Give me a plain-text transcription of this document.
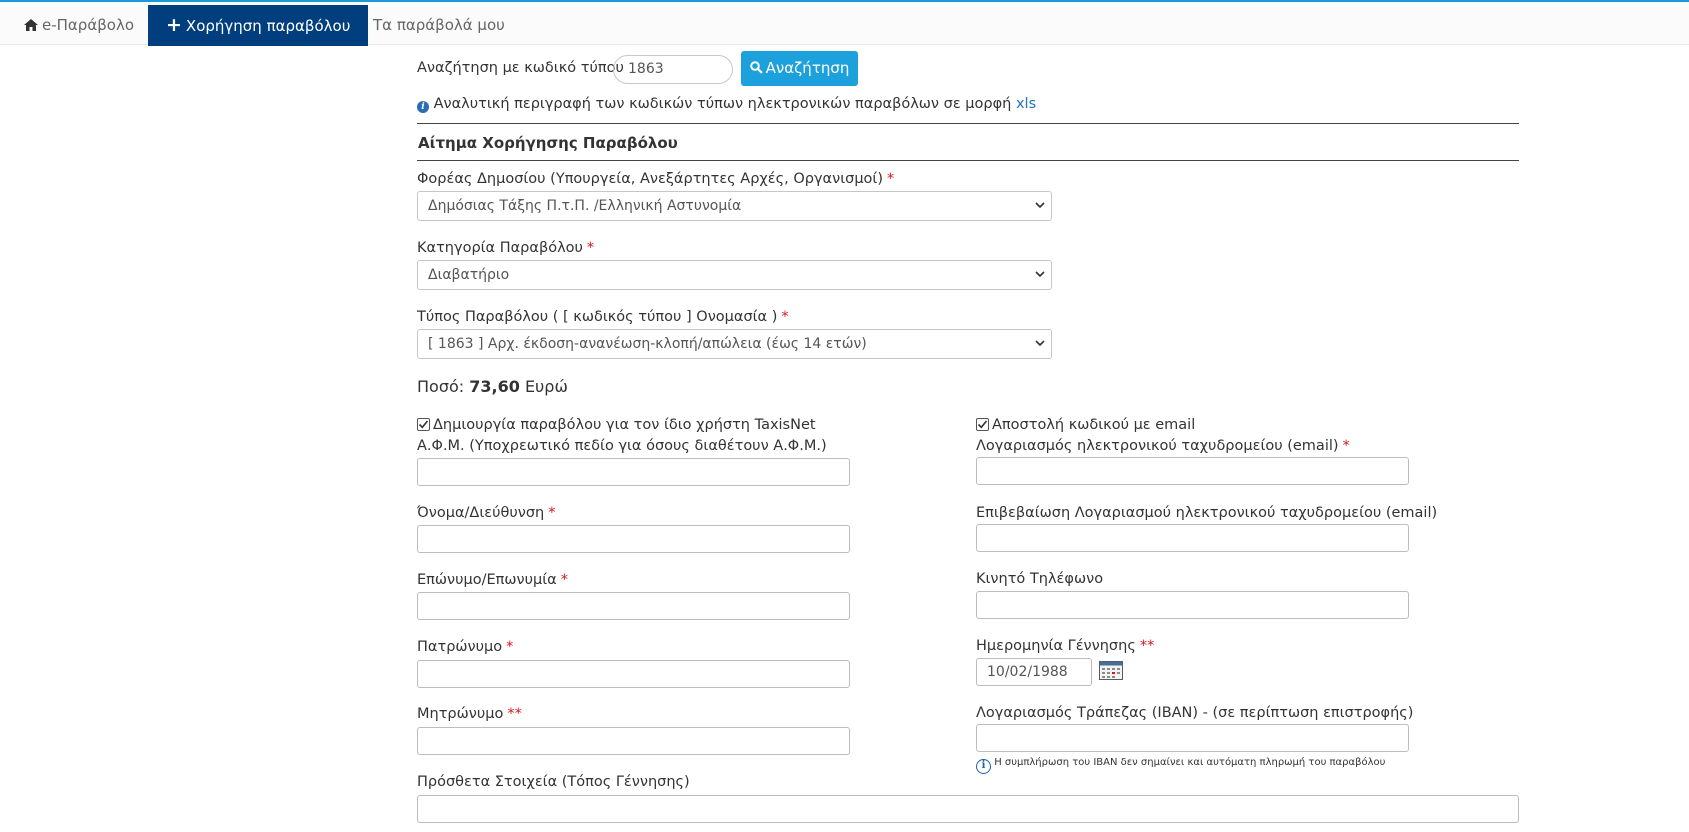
e-Παράβολο	+ Χορήγηση παραβόλου	Τα παράβολά μου
Αναζήτηση με κωδικό τύπου 1863	Αναζήτηση
i Αναλυτική περιγραφή των κωδικών τύπων ηλεκτρονικών παραβόλων σε μορφή xls
Αίτημα Χορήγησης Παραβόλου
Φορέας Δημοσίου (Υπουργεία, Ανεξάρτητες Αρχές, Οργανισμοί) *
Δημόσιας Τάξης Π.τ.Π. /Ελληνική Αστυνομία
Κατηγορία Παραβόλου *
Διαβατήριο
Τύπος Παραβόλου ( [ κωδικός τύπου ] Ονομασία ) *
[ 1863 ] Αρχ. έκδοση-ανανέωση-κλοπή/απώλεια (έως 14 ετών)
Ποσό: 73,60 Ευρώ
Δημιουργία παραβόλου για τον ίδιο χρήστη TaxisNet
Α.Φ.Μ. (Υποχρεωτικό πεδίο για όσους διαθέτουν Α.Φ.Μ.)
Όνομα/Διεύθυνση *
Επώνυμο/Επωνυμία *
Πατρώνυμο *
Μητρώνυμο **
Πρόσθετα Στοιχεία (Τόπος Γέννησης)
Αποστολή κωδικού με email
Λογαριασμός ηλεκτρονικού ταχυδρομείου (email) *
Επιβεβαίωση Λογαριασμού ηλεκτρονικού ταχυδρομείου (email)
Κινητό Τηλέφωνο
Ημερομηνία Γέννησης **
10/02/1988
Λογαριασμός Τράπεζας (IBAN) - (σε περίπτωση επιστροφής)
i Η συμπλήρωση του IBAN δεν σημαίνει και αυτόματη πληρωμή του παραβόλου
